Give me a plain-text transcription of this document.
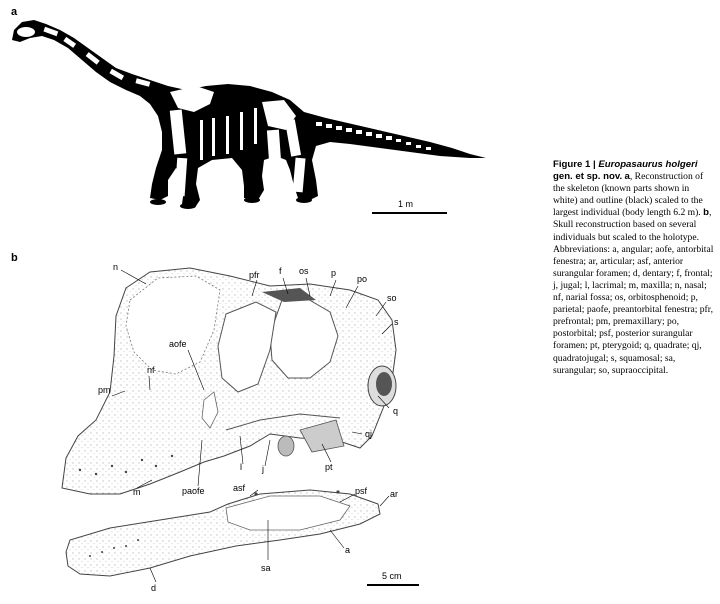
a
b
1 m
n
pfr f os p
po
so
s
aofe
nf
pm
q
qj
pt
j
l
m	paofe	asf	psf	ar
sa
a
d
5 cm

Figure 1 | Europasaurus holgeri gen. et sp. nov. a, Reconstruction of the skeleton (known parts shown in white) and outline (black) scaled to the largest individual (body length 6.2 m). b, Skull reconstruction based on several individuals but scaled to the holotype. Abbreviations: a, angular; aofe, antorbital fenestra; ar, articular; asf, anterior surangular foramen; d, dentary; f, frontal; j, jugal; l, lacrimal; m, maxilla; n, nasal; nf, narial fossa; os, orbitosphenoid; p, parietal; paofe, preantorbital fenestra; pfr, prefrontal; pm, premaxillary; po, postorbital; psf, posterior surangular foramen; pt, pterygoid; q, quadrate; qj, quadratojugal; s, squamosal; sa, surangular; so, supraoccipital.
